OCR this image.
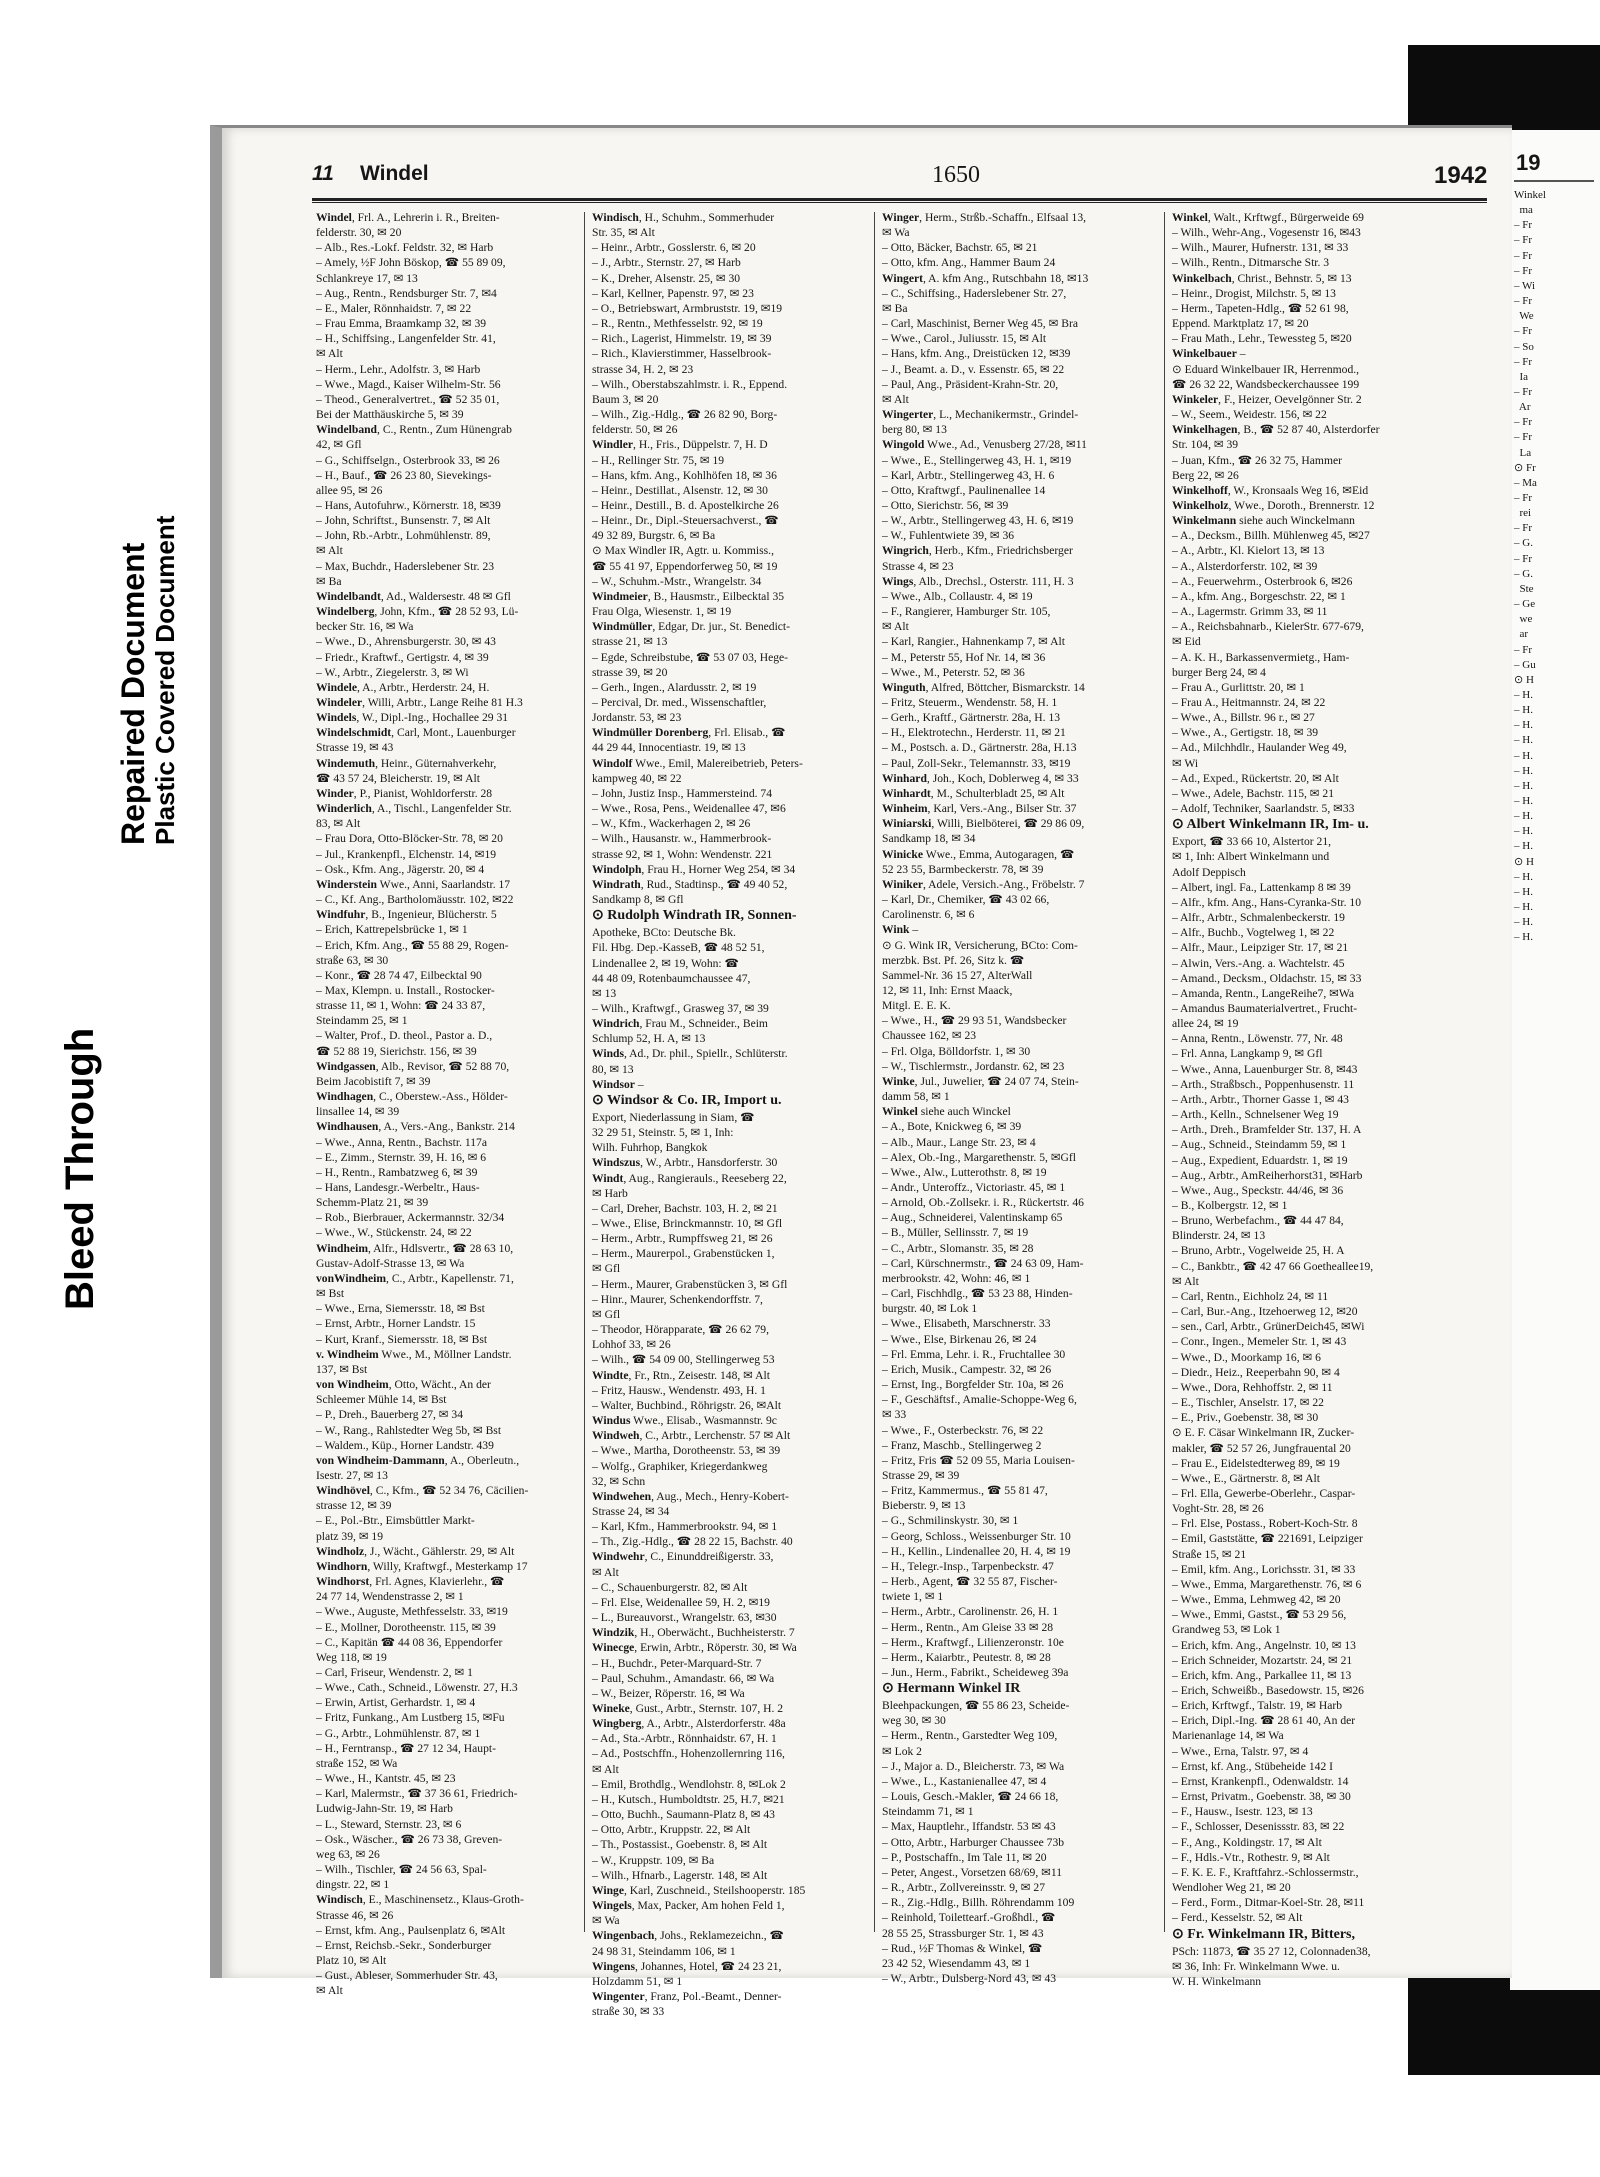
19
Winkel
ma
– Fr
– Fr
– Fr
– Fr
– Wi
– Fr
We
– Fr
– So
– Fr
Ia
– Fr
Ar
– Fr
– Fr
La
⊙ Fr
– Ma
– Fr
rei
– Fr
– G.
– Fr
– G.
Ste
– Ge
we
ar
– Fr
– Gu
⊙ H
– H.
– H.
– H.
– H.
– H.
– H.
– H.
– H.
– H.
– H.
– H.
⊙ H
– H.
– H.
– H.
– H.
– H.
Bleed Through
Repaired Document Plastic Covered Document
11 Windel	1650	1942
Windel, Frl. A., Lehrerin i. R., Breiten-
felderstr. 30, ✉ 20
– Alb., Res.-Lokf. Feldstr. 32, ✉ Harb
– Amely, ½F John Böskop, ☎ 55 89 09,
Schlankreye 17, ✉ 13
– Aug., Rentn., Rendsburger Str. 7, ✉4
– E., Maler, Rönnhaidstr. 7, ✉ 22
– Frau Emma, Braamkamp 32, ✉ 39
– H., Schiffsing., Langenfelder Str. 41,
✉ Alt
– Herm., Lehr., Adolfstr. 3, ✉ Harb
– Wwe., Magd., Kaiser Wilhelm-Str. 56
– Theod., Generalvertret., ☎ 52 35 01,
Bei der Matthäuskirche 5, ✉ 39
Windelband, C., Rentn., Zum Hünengrab
42, ✉ Gfl
– G., Schiffselgn., Osterbrook 33, ✉ 26
– H., Bauf., ☎ 26 23 80, Sievekings-
allee 95, ✉ 26
– Hans, Autofuhrw., Körnerstr. 18, ✉39
– John, Schriftst., Bunsenstr. 7, ✉ Alt
– John, Rb.-Arbtr., Lohmühlenstr. 89,
✉ Alt
– Max, Buchdr., Haderslebener Str. 23
✉ Ba
Windelbandt, Ad., Waldersestr. 48 ✉ Gfl
Windelberg, John, Kfm., ☎ 28 52 93, Lü-
becker Str. 16, ✉ Wa
– Wwe., D., Ahrensburgerstr. 30, ✉ 43
– Friedr., Kraftwf., Gertigstr. 4, ✉ 39
– W., Arbtr., Ziegelerstr. 3, ✉ Wi
Windele, A., Arbtr., Herderstr. 24, H.
Windeler, Willi, Arbtr., Lange Reihe 81 H.3
Windels, W., Dipl.-Ing., Hochallee 29 31
Windelschmidt, Carl, Mont., Lauenburger
Strasse 19, ✉ 43
Windemuth, Heinr., Güternahverkehr,
☎ 43 57 24, Bleicherstr. 19, ✉ Alt
Winder, P., Pianist, Wohldorferstr. 28
Winderlich, A., Tischl., Langenfelder Str.
83, ✉ Alt
– Frau Dora, Otto-Blöcker-Str. 78, ✉ 20
– Jul., Krankenpfl., Elchenstr. 14, ✉19
– Osk., Kfm. Ang., Jägerstr. 20, ✉ 4
Winderstein Wwe., Anni, Saarlandstr. 17
– C., Kf. Ang., Bartholomäusstr. 102, ✉22
Windfuhr, B., Ingenieur, Blücherstr. 5
– Erich, Kattrepelsbrücke 1, ✉ 1
– Erich, Kfm. Ang., ☎ 55 88 29, Rogen-
straße 63, ✉ 30
– Konr., ☎ 28 74 47, Eilbecktal 90
– Max, Klempn. u. Install., Rostocker-
strasse 11, ✉ 1, Wohn: ☎ 24 33 87,
Steindamm 25, ✉ 1
– Walter, Prof., D. theol., Pastor a. D.,
☎ 52 88 19, Sierichstr. 156, ✉ 39
Windgassen, Alb., Revisor, ☎ 52 88 70,
Beim Jacobistift 7, ✉ 39
Windhagen, C., Oberstew.-Ass., Hölder-
linsallee 14, ✉ 39
Windhausen, A., Vers.-Ang., Bankstr. 214
– Wwe., Anna, Rentn., Bachstr. 117a
– E., Zimm., Sternstr. 39, H. 16, ✉ 6
– H., Rentn., Rambatzweg 6, ✉ 39
– Hans, Landesgr.-Werbeltr., Haus-
Schemm-Platz 21, ✉ 39
– Rob., Bierbrauer, Ackermannstr. 32/34
– Wwe., W., Stückenstr. 24, ✉ 22
Windheim, Alfr., Hdlsvertr., ☎ 28 63 10,
Gustav-Adolf-Strasse 13, ✉ Wa
vonWindheim, C., Arbtr., Kapellenstr. 71,
✉ Bst
– Wwe., Erna, Siemersstr. 18, ✉ Bst
– Ernst, Arbtr., Horner Landstr. 15
– Kurt, Kranf., Siemersstr. 18, ✉ Bst
v. Windheim Wwe., M., Möllner Landstr.
137, ✉ Bst
von Windheim, Otto, Wächt., An der
Schleemer Mühle 14, ✉ Bst
– P., Dreh., Bauerberg 27, ✉ 34
– W., Rang., Rahlstedter Weg 5b, ✉ Bst
– Waldem., Küp., Horner Landstr. 439
von Windheim-Dammann, A., Oberleutn.,
Isestr. 27, ✉ 13
Windhövel, C., Kfm., ☎ 52 34 76, Cäcilien-
strasse 12, ✉ 39
– E., Pol.-Btr., Eimsbüttler Markt-
platz 39, ✉ 19
Windholz, J., Wächt., Gählerstr. 29, ✉ Alt
Windhorn, Willy, Kraftwgf., Mesterkamp 17
Windhorst, Frl. Agnes, Klavierlehr., ☎
24 77 14, Wendenstrasse 2, ✉ 1
– Wwe., Auguste, Methfesselstr. 33, ✉19
– E., Mollner, Dorotheenstr. 115, ✉ 39
– C., Kapitän ☎ 44 08 36, Eppendorfer
Weg 118, ✉ 19
– Carl, Friseur, Wendenstr. 2, ✉ 1
– Wwe., Cath., Schneid., Löwenstr. 27, H.3
– Erwin, Artist, Gerhardstr. 1, ✉ 4
– Fritz, Funkang., Am Lustberg 15, ✉Fu
– G., Arbtr., Lohmühlenstr. 87, ✉ 1
– H., Ferntransp., ☎ 27 12 34, Haupt-
straße 152, ✉ Wa
– Wwe., H., Kantstr. 45, ✉ 23
– Karl, Malermstr., ☎ 37 36 61, Friedrich-
Ludwig-Jahn-Str. 19, ✉ Harb
– L., Steward, Sternstr. 23, ✉ 6
– Osk., Wäscher., ☎ 26 73 38, Greven-
weg 63, ✉ 26
– Wilh., Tischler, ☎ 24 56 63, Spal-
dingstr. 22, ✉ 1
Windisch, E., Maschinensetz., Klaus-Groth-
Strasse 46, ✉ 26
– Ernst, kfm. Ang., Paulsenplatz 6, ✉Alt
– Ernst, Reichsb.-Sekr., Sonderburger
Platz 10, ✉ Alt
– Gust., Ableser, Sommerhuder Str. 43,
✉ Alt
Windisch, H., Schuhm., Sommerhuder
Str. 35, ✉ Alt
– Heinr., Arbtr., Gosslerstr. 6, ✉ 20
– J., Arbtr., Sternstr. 27, ✉ Harb
– K., Dreher, Alsenstr. 25, ✉ 30
– Karl, Kellner, Papenstr. 97, ✉ 23
– O., Betriebswart, Armbruststr. 19, ✉19
– R., Rentn., Methfesselstr. 92, ✉ 19
– Rich., Lagerist, Himmelstr. 19, ✉ 39
– Rich., Klavierstimmer, Hasselbrook-
strasse 34, H. 2, ✉ 23
– Wilh., Oberstabszahlmstr. i. R., Eppend.
Baum 3, ✉ 20
– Wilh., Zig.-Hdlg., ☎ 26 82 90, Borg-
felderstr. 50, ✉ 26
Windler, H., Fris., Düppelstr. 7, H. D
– H., Rellinger Str. 75, ✉ 19
– Hans, kfm. Ang., Kohlhöfen 18, ✉ 36
– Heinr., Destillat., Alsenstr. 12, ✉ 30
– Heinr., Destill., B. d. Apostelkirche 26
– Heinr., Dr., Dipl.-Steuersachverst., ☎
49 32 89, Burgstr. 6, ✉ Ba
⊙ Max Windler IR, Agtr. u. Kommiss.,
☎ 55 41 97, Eppendorferweg 50, ✉ 19
– W., Schuhm.-Mstr., Wrangelstr. 34
Windmeier, B., Hausmstr., Eilbecktal 35
Frau Olga, Wiesenstr. 1, ✉ 19
Windmüller, Edgar, Dr. jur., St. Benedict-
strasse 21, ✉ 13
– Egde, Schreibstube, ☎ 53 07 03, Hege-
strasse 39, ✉ 20
– Gerh., Ingen., Alardusstr. 2, ✉ 19
– Percival, Dr. med., Wissenschaftler,
Jordanstr. 53, ✉ 23
Windmüller Dorenberg, Frl. Elisab., ☎
44 29 44, Innocentiastr. 19, ✉ 13
Windolf Wwe., Emil, Malereibetrieb, Peters-
kampweg 40, ✉ 22
– John, Justiz Insp., Hammersteind. 74
– Wwe., Rosa, Pens., Weidenallee 47, ✉6
– W., Kfm., Wackerhagen 2, ✉ 26
– Wilh., Hausanstr. w., Hammerbrook-
strasse 92, ✉ 1, Wohn: Wendenstr. 221
Windolph, Frau H., Horner Weg 254, ✉ 34
Windrath, Rud., Stadtinsp., ☎ 49 40 52,
Sandkamp 8, ✉ Gfl
⊙ Rudolph Windrath IR, Sonnen-
Apotheke, BCto: Deutsche Bk.
Fil. Hbg. Dep.-KasseB, ☎ 48 52 51,
Lindenallee 2, ✉ 19, Wohn: ☎
44 48 09, Rotenbaumchaussee 47,
✉ 13
– Wilh., Kraftwgf., Grasweg 37, ✉ 39
Windrich, Frau M., Schneider., Beim
Schlump 52, H. A, ✉ 13
Winds, Ad., Dr. phil., Spiellr., Schlüterstr.
80, ✉ 13
Windsor –
⊙ Windsor & Co. IR, Import u.
Export, Niederlassung in Siam, ☎
32 29 51, Steinstr. 5, ✉ 1, Inh:
Wilh. Fuhrhop, Bangkok
Windszus, W., Arbtr., Hansdorferstr. 30
Windt, Aug., Rangierauls., Reeseberg 22,
✉ Harb
– Carl, Dreher, Bachstr. 103, H. 2, ✉ 21
– Wwe., Elise, Brinckmannstr. 10, ✉ Gfl
– Herm., Arbtr., Rumpffsweg 21, ✉ 26
– Herm., Maurerpol., Grabenstücken 1,
✉ Gfl
– Herm., Maurer, Grabenstücken 3, ✉ Gfl
– Hinr., Maurer, Schenkendorffstr. 7,
✉ Gfl
– Theodor, Hörapparate, ☎ 26 62 79,
Lohhof 33, ✉ 26
– Wilh., ☎ 54 09 00, Stellingerweg 53
Windte, Fr., Rtn., Zeisestr. 148, ✉ Alt
– Fritz, Hausw., Wendenstr. 493, H. 1
– Walter, Buchbind., Röhrigstr. 26, ✉Alt
Windus Wwe., Elisab., Wasmannstr. 9c
Windweh, C., Arbtr., Lerchenstr. 57 ✉ Alt
– Wwe., Martha, Dorotheenstr. 53, ✉ 39
– Wolfg., Graphiker, Kriegerdankweg
32, ✉ Schn
Windwehen, Aug., Mech., Henry-Kobert-
Strasse 24, ✉ 34
– Karl, Kfm., Hammerbrookstr. 94, ✉ 1
– Th., Zig.-Hdlg., ☎ 28 22 15, Bachstr. 40
Windwehr, C., Einunddreißigerstr. 33,
✉ Alt
– C., Schauenburgerstr. 82, ✉ Alt
– Frl. Else, Weidenallee 59, H. 2, ✉19
– L., Bureauvorst., Wrangelstr. 63, ✉30
Windzik, H., Oberwächt., Buchheisterstr. 7
Winecge, Erwin, Arbtr., Röperstr. 30, ✉ Wa
– H., Buchdr., Peter-Marquard-Str. 7
– Paul, Schuhm., Amandastr. 66, ✉ Wa
– W., Beizer, Röperstr. 16, ✉ Wa
Wineke, Gust., Arbtr., Sternstr. 107, H. 2
Wingberg, A., Arbtr., Alsterdorferstr. 48a
– Ad., Sta.-Arbtr., Rönnhaidstr. 67, H. 1
– Ad., Postschffn., Hohenzollernring 116,
✉ Alt
– Emil, Brothdlg., Wendlohstr. 8, ✉Lok 2
– H., Kutsch., Humboldtstr. 25, H.7, ✉21
– Otto, Buchh., Saumann-Platz 8, ✉ 43
– Otto, Arbtr., Kruppstr. 22, ✉ Alt
– Th., Postassist., Goebenstr. 8, ✉ Alt
– W., Kruppstr. 109, ✉ Ba
– Wilh., Hfnarb., Lagerstr. 148, ✉ Alt
Winge, Karl, Zuschneid., Steilshooperstr. 185
Wingels, Max, Packer, Am hohen Feld 1,
✉ Wa
Wingenbach, Johs., Reklamezeichn., ☎
24 98 31, Steindamm 106, ✉ 1
Wingens, Johannes, Hotel, ☎ 24 23 21,
Holzdamm 51, ✉ 1
Wingenter, Franz, Pol.-Beamt., Denner-
straße 30, ✉ 33
Winger, Herm., Strßb.-Schaffn., Elfsaal 13,
✉ Wa
– Otto, Bäcker, Bachstr. 65, ✉ 21
– Otto, kfm. Ang., Hammer Baum 24
Wingert, A. kfm Ang., Rutschbahn 18, ✉13
– C., Schiffsing., Haderslebener Str. 27,
✉ Ba
– Carl, Maschinist, Berner Weg 45, ✉ Bra
– Wwe., Carol., Juliusstr. 15, ✉ Alt
– Hans, kfm. Ang., Dreistücken 12, ✉39
– J., Beamt. a. D., v. Essenstr. 65, ✉ 22
– Paul, Ang., Präsident-Krahn-Str. 20,
✉ Alt
Wingerter, L., Mechanikermstr., Grindel-
berg 80, ✉ 13
Wingold Wwe., Ad., Venusberg 27/28, ✉11
– Wwe., E., Stellingerweg 43, H. 1, ✉19
– Karl, Arbtr., Stellingerweg 43, H. 6
– Otto, Kraftwgf., Paulinenallee 14
– Otto, Sierichstr. 56, ✉ 39
– W., Arbtr., Stellingerweg 43, H. 6, ✉19
– W., Fuhlentwiete 39, ✉ 36
Wingrich, Herb., Kfm., Friedrichsberger
Strasse 4, ✉ 23
Wings, Alb., Drechsl., Osterstr. 111, H. 3
– Wwe., Alb., Collaustr. 4, ✉ 19
– F., Rangierer, Hamburger Str. 105,
✉ Alt
– Karl, Rangier., Hahnenkamp 7, ✉ Alt
– M., Peterstr 55, Hof Nr. 14, ✉ 36
– Wwe., M., Peterstr. 52, ✉ 36
Winguth, Alfred, Böttcher, Bismarckstr. 14
– Fritz, Steuerm., Wendenstr. 58, H. 1
– Gerh., Kraftf., Gärtnerstr. 28a, H. 13
– H., Elektrotechn., Herderstr. 11, ✉ 21
– M., Postsch. a. D., Gärtnerstr. 28a, H.13
– Paul, Zoll-Sekr., Telemannstr. 33, ✉19
Winhard, Joh., Koch, Doblerweg 4, ✉ 33
Winhardt, M., Schulterbladt 25, ✉ Alt
Winheim, Karl, Vers.-Ang., Bilser Str. 37
Winiarski, Willi, Bielböterei, ☎ 29 86 09,
Sandkamp 18, ✉ 34
Winicke Wwe., Emma, Autogaragen, ☎
52 23 55, Barmbeckerstr. 78, ✉ 39
Winiker, Adele, Versich.-Ang., Fröbelstr. 7
– Karl, Dr., Chemiker, ☎ 43 02 66,
Carolinenstr. 6, ✉ 6
Wink –
⊙ G. Wink IR, Versicherung, BCto: Com-
merzbk. Bst. Pf. 26, Sitz k. ☎
Sammel-Nr. 36 15 27, AlterWall
12, ✉ 11, Inh: Ernst Maack,
Mitgl. E. E. K.
– Wwe., H., ☎ 29 93 51, Wandsbecker
Chaussee 162, ✉ 23
– Frl. Olga, Bölldorfstr. 1, ✉ 30
– W., Tischlermstr., Jordanstr. 62, ✉ 23
Winke, Jul., Juwelier, ☎ 24 07 74, Stein-
damm 58, ✉ 1
Winkel siehe auch Winckel
– A., Bote, Knickweg 6, ✉ 39
– Alb., Maur., Lange Str. 23, ✉ 4
– Alex, Ob.-Ing., Margarethenstr. 5, ✉Gfl
– Wwe., Alw., Lutterothstr. 8, ✉ 19
– Andr., Unteroffz., Victoriastr. 45, ✉ 1
– Arnold, Ob.-Zollsekr. i. R., Rückertstr. 46
– Aug., Schneiderei, Valentinskamp 65
– B., Müller, Sellinsstr. 7, ✉ 19
– C., Arbtr., Slomanstr. 35, ✉ 28
– Carl, Kürschnermstr., ☎ 24 63 09, Ham-
merbrookstr. 42, Wohn: 46, ✉ 1
– Carl, Fischhdlg., ☎ 53 23 88, Hinden-
burgstr. 40, ✉ Lok 1
– Wwe., Elisabeth, Marschnerstr. 33
– Wwe., Else, Birkenau 26, ✉ 24
– Frl. Emma, Lehr. i. R., Fruchtallee 30
– Erich, Musik., Campestr. 32, ✉ 26
– Ernst, Ing., Borgfelder Str. 10a, ✉ 26
– F., Geschäftsf., Amalie-Schoppe-Weg 6,
✉ 33
– Wwe., F., Osterbeckstr. 76, ✉ 22
– Franz, Maschb., Stellingerweg 2
– Fritz, Fris ☎ 52 09 55, Maria Louisen-
Strasse 29, ✉ 39
– Fritz, Kammermus., ☎ 55 81 47,
Bieberstr. 9, ✉ 13
– G., Schmilinskystr. 30, ✉ 1
– Georg, Schloss., Weissenburger Str. 10
– H., Kellin., Lindenallee 20, H. 4, ✉ 19
– H., Telegr.-Insp., Tarpenbeckstr. 47
– Herb., Agent, ☎ 32 55 87, Fischer-
twiete 1, ✉ 1
– Herm., Arbtr., Carolinenstr. 26, H. 1
– Herm., Rentn., Am Gleise 33 ✉ 28
– Herm., Kraftwgf., Lilienzeronstr. 10e
– Herm., Kaiarbtr., Peutestr. 8, ✉ 28
– Jun., Herm., Fabrikt., Scheideweg 39a
⊙ Hermann Winkel IR
Bleehpackungen, ☎ 55 86 23, Scheide-
weg 30, ✉ 30
– Herm., Rentn., Garstedter Weg 109,
✉ Lok 2
– J., Major a. D., Bleicherstr. 73, ✉ Wa
– Wwe., L., Kastanienallee 47, ✉ 4
– Louis, Gesch.-Makler, ☎ 24 66 18,
Steindamm 71, ✉ 1
– Max, Hauptlehr., Iffandstr. 53 ✉ 43
– Otto, Arbtr., Harburger Chaussee 73b
– P., Postschaffn., Im Tale 11, ✉ 20
– Peter, Angest., Vorsetzen 68/69, ✉11
– R., Arbtr., Zollvereinsstr. 9, ✉ 27
– R., Zig.-Hdlg., Billh. Röhrendamm 109
– Reinhold, Toilettearf.-Großhdl., ☎
28 55 25, Strassburger Str. 1, ✉ 43
– Rud., ½F Thomas & Winkel, ☎
23 42 52, Wiesendamm 43, ✉ 1
– W., Arbtr., Dulsberg-Nord 43, ✉ 43
Winkel, Walt., Krftwgf., Bürgerweide 69
– Wilh., Wehr-Ang., Vogesenstr 16, ✉43
– Wilh., Maurer, Hufnerstr. 131, ✉ 33
– Wilh., Rentn., Ditmarsche Str. 3
Winkelbach, Christ., Behnstr. 5, ✉ 13
– Heinr., Drogist, Milchstr. 5, ✉ 13
– Herm., Tapeten-Hdlg., ☎ 52 61 98,
Eppend. Marktplatz 17, ✉ 20
– Frau Math., Lehr., Tewessteg 5, ✉20
Winkelbauer –
⊙ Eduard Winkelbauer IR, Herrenmod.,
☎ 26 32 22, Wandsbeckerchaussee 199
Winkeler, F., Heizer, Oevelgönner Str. 2
– W., Seem., Weidestr. 156, ✉ 22
Winkelhagen, B., ☎ 52 87 40, Alsterdorfer
Str. 104, ✉ 39
– Juan, Kfm., ☎ 26 32 75, Hammer
Berg 22, ✉ 26
Winkelhoff, W., Kronsaals Weg 16, ✉Eid
Winkelholz, Wwe., Doroth., Brennerstr. 12
Winkelmann siehe auch Winckelmann
– A., Decksm., Billh. Mühlenweg 45, ✉27
– A., Arbtr., Kl. Kielort 13, ✉ 13
– A., Alsterdorferstr. 102, ✉ 39
– A., Feuerwehrm., Osterbrook 6, ✉26
– A., kfm. Ang., Borgeschstr. 22, ✉ 1
– A., Lagermstr. Grimm 33, ✉ 11
– A., Reichsbahnarb., KielerStr. 677-679,
✉ Eid
– A. K. H., Barkassenvermietg., Ham-
burger Berg 24, ✉ 4
– Frau A., Gurlittstr. 20, ✉ 1
– Frau A., Heitmannstr. 24, ✉ 22
– Wwe., A., Billstr. 96 r., ✉ 27
– Wwe., A., Gertigstr. 18, ✉ 39
– Ad., Milchhdlr., Haulander Weg 49,
✉ Wi
– Ad., Exped., Rückertstr. 20, ✉ Alt
– Wwe., Adele, Bachstr. 115, ✉ 21
– Adolf, Techniker, Saarlandstr. 5, ✉33
⊙ Albert Winkelmann IR, Im- u.
Export, ☎ 33 66 10, Alstertor 21,
✉ 1, Inh: Albert Winkelmann und
Adolf Deppisch
– Albert, ingl. Fa., Lattenkamp 8 ✉ 39
– Alfr., kfm. Ang., Hans-Cyranka-Str. 10
– Alfr., Arbtr., Schmalenbeckerstr. 19
– Alfr., Buchb., Vogtelweg 1, ✉ 22
– Alfr., Maur., Leipziger Str. 17, ✉ 21
– Alwin, Vers.-Ang. a. Wachtelstr. 45
– Amand., Decksm., Oldachstr. 15, ✉ 33
– Amanda, Rentn., LangeReihe7, ✉Wa
– Amandus Baumaterialvertret., Frucht-
allee 24, ✉ 19
– Anna, Rentn., Löwenstr. 77, Nr. 48
– Frl. Anna, Langkamp 9, ✉ Gfl
– Wwe., Anna, Lauenburger Str. 8, ✉43
– Arth., Straßbsch., Poppenhusenstr. 11
– Arth., Arbtr., Thorner Gasse 1, ✉ 43
– Arth., Kelln., Schnelsener Weg 19
– Arth., Dreh., Bramfelder Str. 137, H. A
– Aug., Schneid., Steindamm 59, ✉ 1
– Aug., Expedient, Eduardstr. 1, ✉ 19
– Aug., Arbtr., AmReiherhorst31, ✉Harb
– Wwe., Aug., Speckstr. 44/46, ✉ 36
– B., Kolbergstr. 12, ✉ 1
– Bruno, Werbefachm., ☎ 44 47 84,
Blinderstr. 24, ✉ 13
– Bruno, Arbtr., Vogelweide 25, H. A
– C., Bankbtr., ☎ 42 47 66 Goetheallee19,
✉ Alt
– Carl, Rentn., Eichholz 24, ✉ 11
– Carl, Bur.-Ang., Itzehoerweg 12, ✉20
– sen., Carl, Arbtr., GrünerDeich45, ✉Wi
– Conr., Ingen., Memeler Str. 1, ✉ 43
– Wwe., D., Moorkamp 16, ✉ 6
– Diedr., Heiz., Reeperbahn 90, ✉ 4
– Wwe., Dora, Rehhoffstr. 2, ✉ 11
– E., Tischler, Anselstr. 17, ✉ 22
– E., Priv., Goebenstr. 38, ✉ 30
⊙ E. F. Cäsar Winkelmann IR, Zucker-
makler, ☎ 52 57 26, Jungfrauental 20
– Frau E., Eidelstedterweg 89, ✉ 19
– Wwe., E., Gärtnerstr. 8, ✉ Alt
– Frl. Ella, Gewerbe-Oberlehr., Caspar-
Voght-Str. 28, ✉ 26
– Frl. Else, Postass., Robert-Koch-Str. 8
– Emil, Gaststätte, ☎ 221691, Leipziger
Straße 15, ✉ 21
– Emil, kfm. Ang., Lorichsstr. 31, ✉ 33
– Wwe., Emma, Margarethenstr. 76, ✉ 6
– Wwe., Emma, Lehmweg 42, ✉ 20
– Wwe., Emmi, Gastst., ☎ 53 29 56,
Grandweg 53, ✉ Lok 1
– Erich, kfm. Ang., Angelnstr. 10, ✉ 13
– Erich Schneider, Mozartstr. 24, ✉ 21
– Erich, kfm. Ang., Parkallee 11, ✉ 13
– Erich, Schweißb., Basedowstr. 15, ✉26
– Erich, Krftwgf., Talstr. 19, ✉ Harb
– Erich, Dipl.-Ing. ☎ 28 61 40, An der
Marienanlage 14, ✉ Wa
– Wwe., Erna, Talstr. 97, ✉ 4
– Ernst, kf. Ang., Stübeheide 142 I
– Ernst, Krankenpfl., Odenwaldstr. 14
– Ernst, Privatm., Goebenstr. 38, ✉ 30
– F., Hausw., Isestr. 123, ✉ 13
– F., Schlosser, Desenissstr. 83, ✉ 22
– F., Ang., Koldingstr. 17, ✉ Alt
– F., Hdls.-Vtr., Rothestr. 9, ✉ Alt
– F. K. E. F., Kraftfahrz.-Schlossermstr.,
Wendloher Weg 21, ✉ 20
– Ferd., Form., Ditmar-Koel-Str. 28, ✉11
– Ferd., Kesselstr. 52, ✉ Alt
⊙ Fr. Winkelmann IR, Bitters,
PSch: 11873, ☎ 35 27 12, Colonnaden38,
✉ 36, Inh: Fr. Winkelmann Wwe. u.
W. H. Winkelmann
